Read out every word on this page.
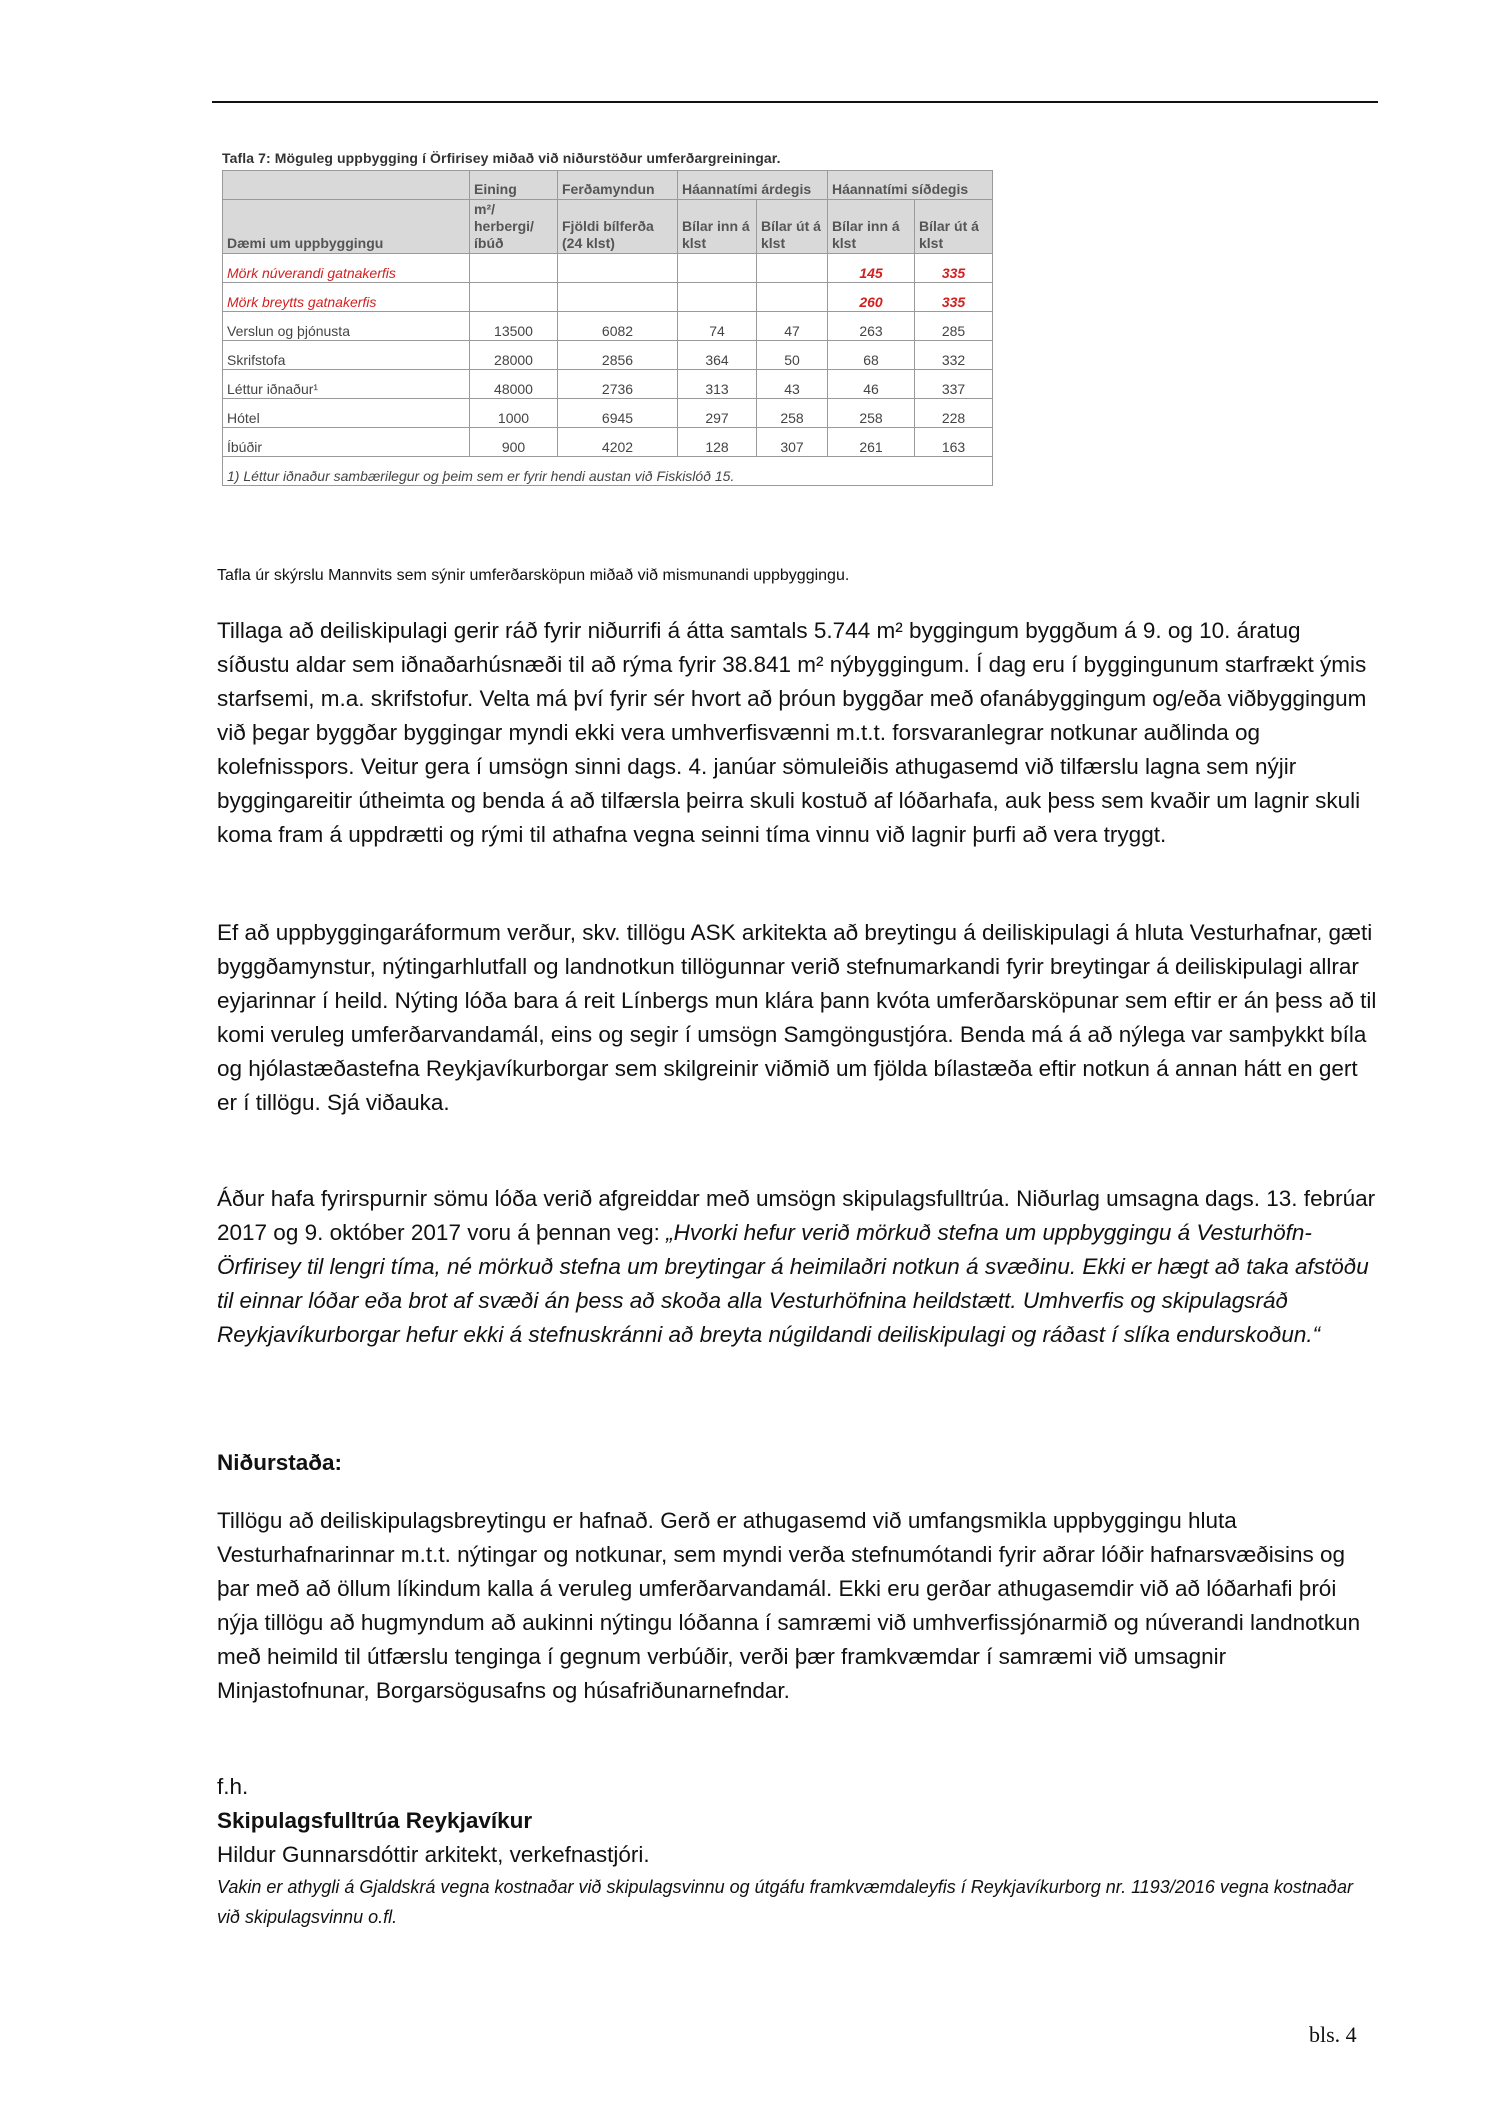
Tafla 7: Möguleg uppbygging í Örfirisey miðað við niðurstöður umferðargreiningar.
	Eining	Ferðamyndun	Háannatími árdegis		Háannatími síðdegis	
Dæmi um uppbyggingu	m²/ herbergi/ íbúð	Fjöldi bílferða (24 klst)	Bílar inn á klst	Bílar út á klst	Bílar inn á klst	Bílar út á klst
Mörk núverandi gatnakerfis					145	335
Mörk breytts gatnakerfis					260	335
Verslun og þjónusta	13500	6082	74	47	263	285
Skrifstofa	28000	2856	364	50	68	332
Léttur iðnaður¹	48000	2736	313	43	46	337
Hótel	1000	6945	297	258	258	228
Íbúðir	900	4202	128	307	261	163
1) Léttur iðnaður sambærilegur og þeim sem er fyrir hendi austan við Fiskislóð 15.						
Tafla úr skýrslu Mannvits sem sýnir umferðarsköpun miðað við mismunandi uppbyggingu.

Tillaga að deiliskipulagi gerir ráð fyrir niðurrifi á átta samtals 5.744 m² byggingum byggðum á 9. og 10. áratug síðustu aldar sem iðnaðarhúsnæði til að rýma fyrir 38.841 m² nýbyggingum. Í dag eru í byggingunum starfrækt ýmis starfsemi, m.a. skrifstofur. Velta má því fyrir sér hvort að þróun byggðar með ofanábyggingum og/eða viðbyggingum við þegar byggðar byggingar myndi ekki vera umhverfisvænni m.t.t. forsvaranlegrar notkunar auðlinda og kolefnisspors. Veitur gera í umsögn sinni dags. 4. janúar sömuleiðis athugasemd við tilfærslu lagna sem nýjir byggingareitir útheimta og benda á að tilfærsla þeirra skuli kostuð af lóðarhafa, auk þess sem kvaðir um lagnir skuli koma fram á uppdrætti og rými til athafna vegna seinni tíma vinnu við lagnir þurfi að vera tryggt.

Ef að uppbyggingaráformum verður, skv. tillögu ASK arkitekta að breytingu á deiliskipulagi á hluta Vesturhafnar, gæti byggðamynstur, nýtingarhlutfall og landnotkun tillögunnar verið stefnumarkandi fyrir breytingar á deiliskipulagi allrar eyjarinnar í heild. Nýting lóða bara á reit Línbergs mun klára þann kvóta umferðarsköpunar sem eftir er án þess að til komi veruleg umferðarvandamál, eins og segir í umsögn Samgöngustjóra. Benda má á að nýlega var samþykkt bíla og hjólastæðastefna Reykjavíkurborgar sem skilgreinir viðmið um fjölda bílastæða eftir notkun á annan hátt en gert er í tillögu. Sjá viðauka.

Áður hafa fyrirspurnir sömu lóða verið afgreiddar með umsögn skipulagsfulltrúa. Niðurlag umsagna dags. 13. febrúar 2017 og 9. október 2017 voru á þennan veg: „Hvorki hefur verið mörkuð stefna um uppbyggingu á Vesturhöfn-Örfirisey til lengri tíma, né mörkuð stefna um breytingar á heimilaðri notkun á svæðinu. Ekki er hægt að taka afstöðu til einnar lóðar eða brot af svæði án þess að skoða alla Vesturhöfnina heildstætt. Umhverfis og skipulagsráð Reykjavíkurborgar hefur ekki á stefnuskránni að breyta núgildandi deiliskipulagi og ráðast í slíka endurskoðun.“

Niðurstaða:

Tillögu að deiliskipulagsbreytingu er hafnað. Gerð er athugasemd við umfangsmikla uppbyggingu hluta Vesturhafnarinnar m.t.t. nýtingar og notkunar, sem myndi verða stefnumótandi fyrir aðrar lóðir hafnarsvæðisins og þar með að öllum líkindum kalla á veruleg umferðarvandamál. Ekki eru gerðar athugasemdir við að lóðarhafi þrói nýja tillögu að hugmyndum að aukinni nýtingu lóðanna í samræmi við umhverfissjónarmið og núverandi landnotkun með heimild til útfærslu tenginga í gegnum verbúðir, verði þær framkvæmdar í samræmi við umsagnir Minjastofnunar, Borgarsögusafns og húsafriðunarnefndar.

f.h.

Skipulagsfulltrúa Reykjavíkur

Hildur Gunnarsdóttir arkitekt, verkefnastjóri.

Vakin er athygli á Gjaldskrá vegna kostnaðar við skipulagsvinnu og útgáfu framkvæmdaleyfis í Reykjavíkurborg nr. 1193/2016 vegna kostnaðar við skipulagsvinnu o.fl.

bls. 4
